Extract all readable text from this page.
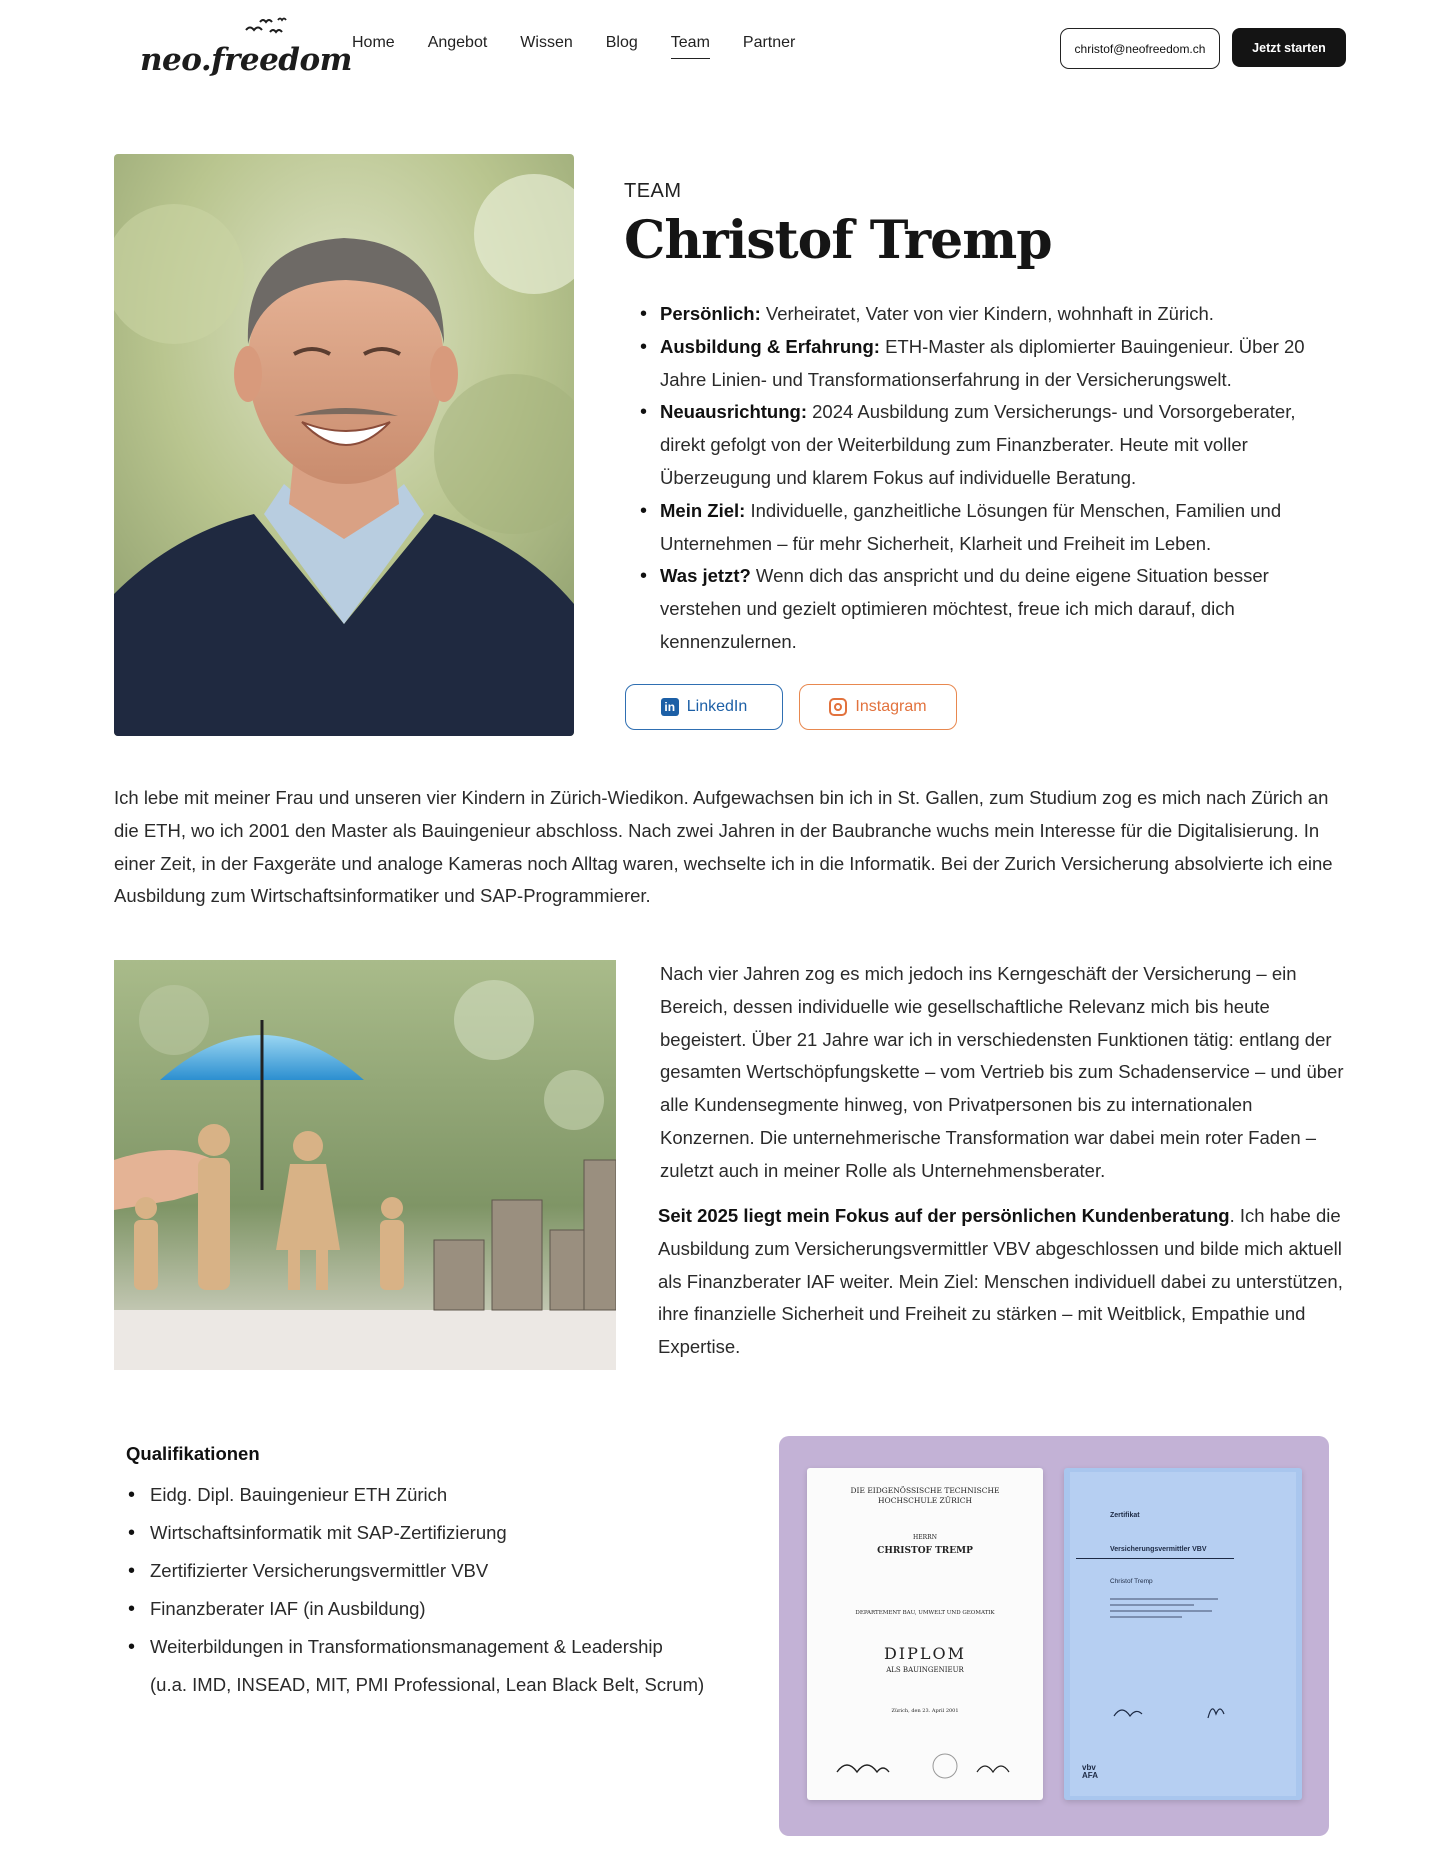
neo.freedom Home Angebot Wissen Blog Team Partner	christof@neofreedom.ch	Jetzt starten
TEAM
Christof Tremp
• Persönlich: Verheiratet, Vater von vier Kindern, wohnhaft in Zürich.
• Ausbildung & Erfahrung: ETH-Master als diplomierter Bauingenieur. Über 20 Jahre Linien- und Transformationserfahrung in der Versicherungswelt.
• Neuausrichtung: 2024 Ausbildung zum Versicherungs- und Vorsorgeberater, direkt gefolgt von der Weiterbildung zum Finanzberater. Heute mit voller Überzeugung und klarem Fokus auf individuelle Beratung.
• Mein Ziel: Individuelle, ganzheitliche Lösungen für Menschen, Familien und Unternehmen – für mehr Sicherheit, Klarheit und Freiheit im Leben.
• Was jetzt? Wenn dich das anspricht und du deine eigene Situation besser verstehen und gezielt optimieren möchtest, freue ich mich darauf, dich kennenzulernen.
in LinkedIn	Instagram

Ich lebe mit meiner Frau und unseren vier Kindern in Zürich-Wiedikon. Aufgewachsen bin ich in St. Gallen, zum Studium zog es mich nach Zürich an die ETH, wo ich 2001 den Master als Bauingenieur abschloss. Nach zwei Jahren in der Baubranche wuchs mein Interesse für die Digitalisierung. In einer Zeit, in der Faxgeräte und analoge Kameras noch Alltag waren, wechselte ich in die Informatik. Bei der Zurich Versicherung absolvierte ich eine Ausbildung zum Wirtschaftsinformatiker und SAP-Programmierer.

Nach vier Jahren zog es mich jedoch ins Kerngeschäft der Versicherung – ein Bereich, dessen individuelle wie gesellschaftliche Relevanz mich bis heute begeistert. Über 21 Jahre war ich in verschiedensten Funktionen tätig: entlang der gesamten Wertschöpfungskette – vom Vertrieb bis zum Schadenservice – und über alle Kundensegmente hinweg, von Privatpersonen bis zu internationalen Konzernen. Die unternehmerische Transformation war dabei mein roter Faden – zuletzt auch in meiner Rolle als Unternehmensberater.

Seit 2025 liegt mein Fokus auf der persönlichen Kundenberatung. Ich habe die Ausbildung zum Versicherungsvermittler VBV abgeschlossen und bilde mich aktuell als Finanzberater IAF weiter. Mein Ziel: Menschen individuell dabei zu unterstützen, ihre finanzielle Sicherheit und Freiheit zu stärken – mit Weitblick, Empathie und Expertise.

Qualifikationen
• Eidg. Dipl. Bauingenieur ETH Zürich
• Wirtschaftsinformatik mit SAP-Zertifizierung
• Zertifizierter Versicherungsvermittler VBV
• Finanzberater IAF (in Ausbildung)
• Weiterbildungen in Transformationsmanagement & Leadership
(u.a. IMD, INSEAD, MIT, PMI Professional, Lean Black Belt, Scrum)
DIE EIDGENÖSSISCHE TECHNISCHE HOCHSCHULE ZÜRICH
HERRN
CHRISTOF TREMP
DEPARTEMENT BAU, UMWELT UND GEOMATIK
DIPLOM
ALS BAUINGENIEUR
Zürich, den 23. April 2001
Zertifikat
Versicherungsvermittler VBV
Christof Tremp
vbv AFA
